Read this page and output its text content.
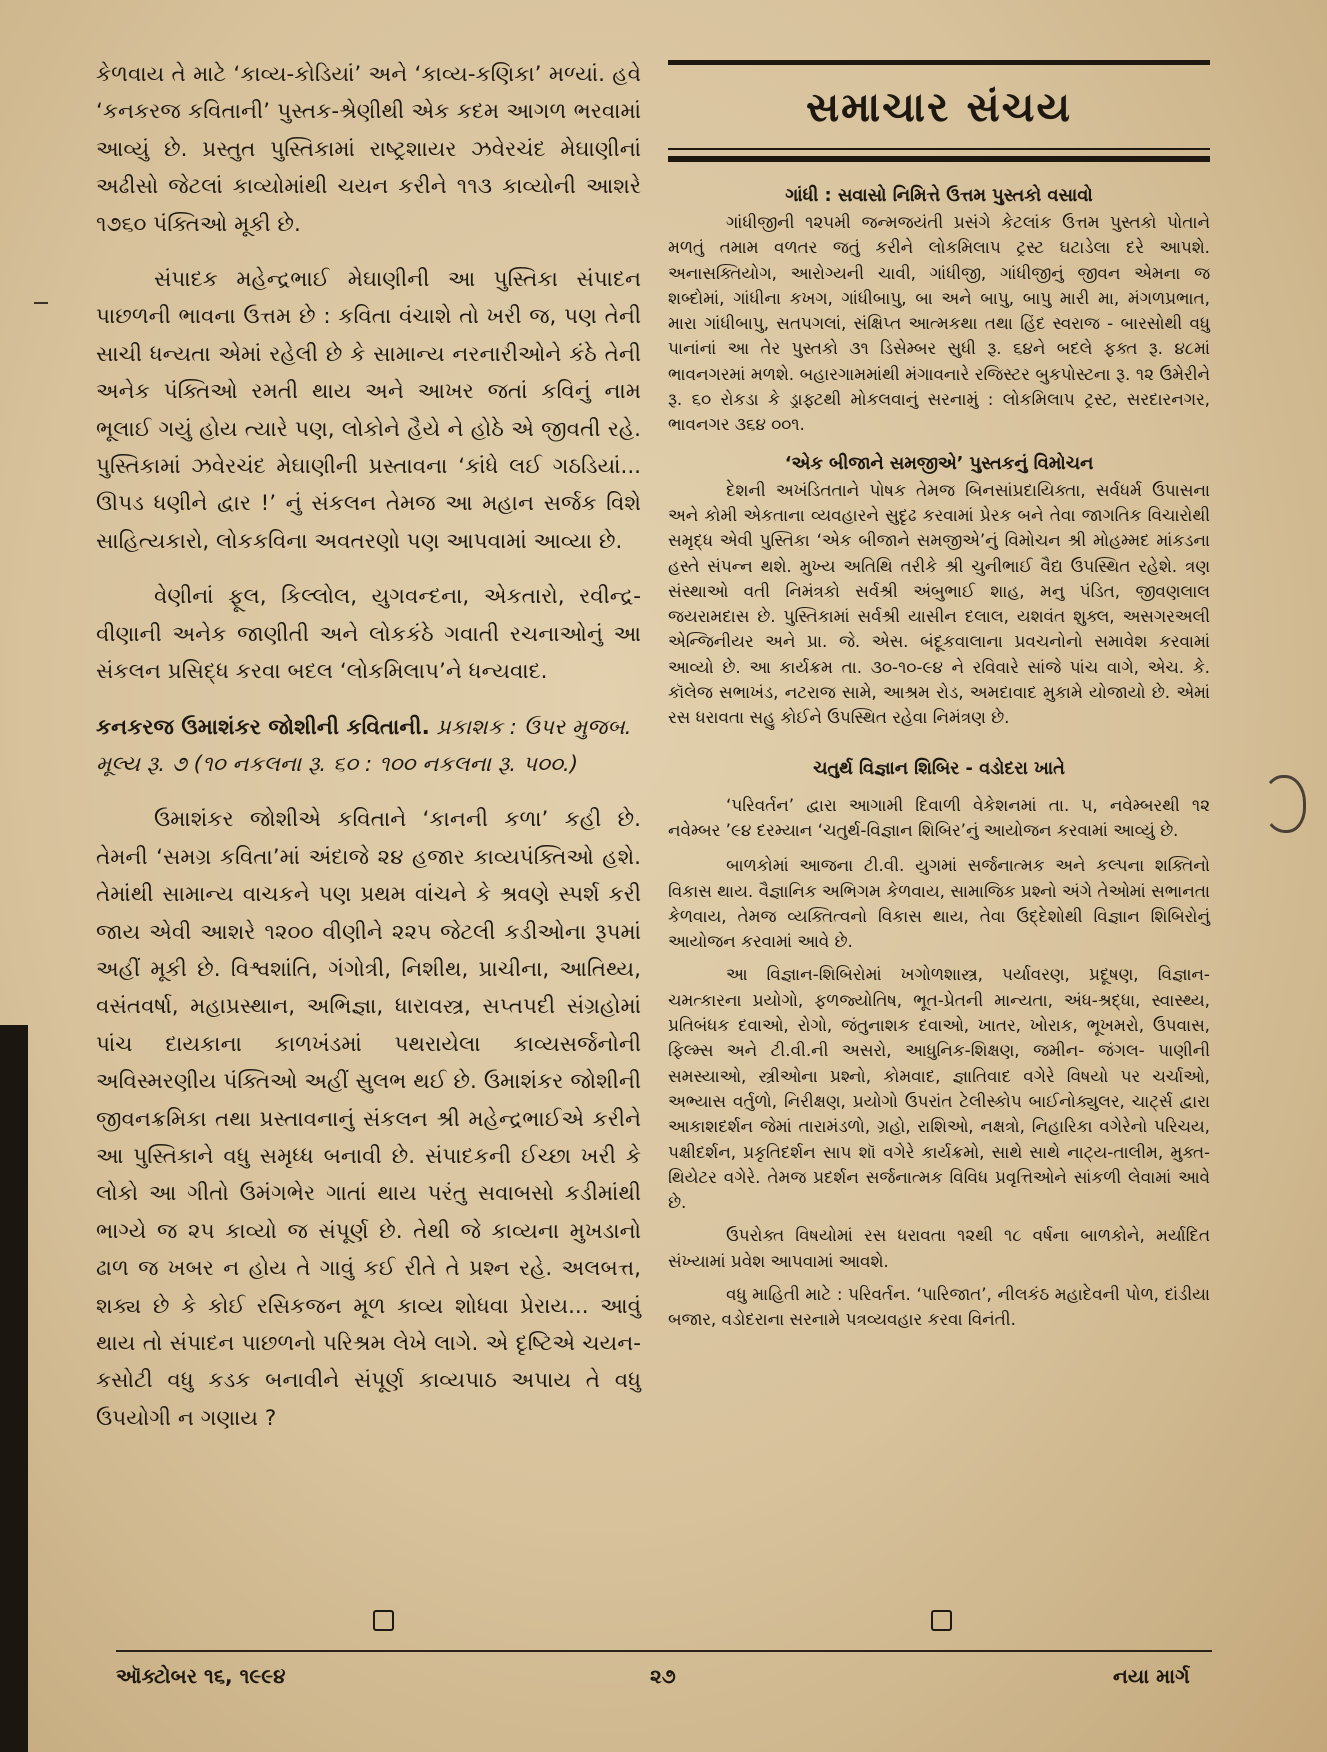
કેળવાય તે માટે ‘કાવ્ય-કોડિયાં’ અને ‘કાવ્ય-કણિકા’ મળ્યાં. હવે ‘કનકરજ કવિતાની’ પુસ્તક-શ્રેણીથી એક કદમ આગળ ભરવામાં આવ્યું છે. પ્રસ્તુત પુસ્તિકામાં રાષ્ટ્રશાયર ઝવેરચંદ મેઘાણીનાં અઢીસો જેટલાં કાવ્યોમાંથી ચયન કરીને ૧૧૩ કાવ્યોની આશરે ૧૭૬૦ પંક્તિઓ મૂકી છે.

સંપાદક મહેન્દ્રભાઈ મેઘાણીની આ પુસ્તિકા સંપાદન પાછળની ભાવના ઉત્તમ છે : કવિતા વંચાશે તો ખરી જ, પણ તેની સાચી ધન્યતા એમાં રહેલી છે કે સામાન્ય નરનારીઓને કંઠે તેની અનેક પંક્તિઓ રમતી થાય અને આખર જતાં કવિનું નામ ભૂલાઈ ગયું હોય ત્યારે પણ, લોકોને હૈયે ને હોઠે એ જીવતી રહે. પુસ્તિકામાં ઝવેરચંદ મેઘાણીની પ્રસ્તાવના ‘કાંધે લઈ ગઠડિયાં... ઊપડ ધણીને દ્વાર !’ નું સંકલન તેમજ આ મહાન સર્જક વિશે સાહિત્યકારો, લોકકવિના અવતરણો પણ આપવામાં આવ્યા છે.

વેણીનાં ફૂલ, કિલ્લોલ, યુગવન્દના, એકતારો, રવીન્દ્ર-વીણાની અનેક જાણીતી અને લોકકંઠે ગવાતી રચનાઓનું આ સંકલન પ્રસિદ્ધ કરવા બદલ ‘લોકમિલાપ’ને ધન્યવાદ.

કનકરજ ઉમાશંકર જોશીની કવિતાની. પ્રકાશક : ઉપર મુજબ. મૂલ્ય રૂ. ૭ (૧૦ નકલના રૂ. ૬૦ : ૧૦૦ નકલના રૂ. ૫૦૦.)

ઉમાશંકર જોશીએ કવિતાને ‘કાનની કળા’ કહી છે. તેમની ‘સમગ્ર કવિતા’માં અંદાજે ૨૪ હજાર કાવ્યપંક્તિઓ હશે. તેમાંથી સામાન્ય વાચકને પણ પ્રથમ વાંચને કે શ્રવણે સ્પર્શ કરી જાય એવી આશરે ૧૨૦૦ વીણીને ૨૨૫ જેટલી કડીઓના રૂપમાં અહીં મૂકી છે. વિશ્વશાંતિ, ગંગોત્રી, નિશીથ, પ્રાચીના, આતિથ્ય, વસંતવર્ષા, મહાપ્રસ્થાન, અભિજ્ઞા, ધારાવસ્ત્ર, સપ્તપદી સંગ્રહોમાં પાંચ દાયકાના કાળખંડમાં પથરાયેલા કાવ્યસર્જનોની અવિસ્મરણીય પંક્તિઓ અહીં સુલભ થઈ છે. ઉમાશંકર જોશીની જીવનક્રમિકા તથા પ્રસ્તાવનાનું સંકલન શ્રી મહેન્દ્રભાઈએ કરીને આ પુસ્તિકાને વધુ સમૃધ્ધ બનાવી છે. સંપાદકની ઈચ્છા ખરી કે લોકો આ ગીતો ઉમંગભેર ગાતાં થાય પરંતુ સવાબસો કડીમાંથી ભાગ્યે જ ૨૫ કાવ્યો જ સંપૂર્ણ છે. તેથી જે કાવ્યના મુખડાનો ઢાળ જ ખબર ન હોય તે ગાવું કઈ રીતે તે પ્રશ્ન રહે. અલબત્ત, શક્ય છે કે કોઈ રસિકજન મૂળ કાવ્ય શોધવા પ્રેરાય... આવું થાય તો સંપાદન પાછળનો પરિશ્રમ લેખે લાગે. એ દૃષ્ટિએ ચયન-કસોટી વધુ કડક બનાવીને સંપૂર્ણ કાવ્યપાઠ અપાય તે વધુ ઉપયોગી ન ગણાય ?

સમાચાર સંચય
ગાંધી : સવાસો નિમિત્તે ઉત્તમ પુસ્તકો વસાવો

ગાંધીજીની ૧૨૫મી જન્મજયંતી પ્રસંગે કેટલાંક ઉત્તમ પુસ્તકો પોતાને મળતું તમામ વળતર જતું કરીને લોકમિલાપ ટ્રસ્ટ ઘટાડેલા દરે આપશે. અનાસક્તિયોગ, આરોગ્યની ચાવી, ગાંધીજી, ગાંધીજીનું જીવન એમના જ શબ્દોમાં, ગાંધીના કખગ, ગાંધીબાપુ, બા અને બાપુ, બાપુ મારી મા, મંગળપ્રભાત, મારા ગાંધીબાપુ, સતપગલાં, સંક્ષિપ્ત આત્મકથા તથા હિંદ સ્વરાજ - બારસોથી વધુ પાનાંનાં આ તેર પુસ્તકો ૩૧ ડિસેમ્બર સુધી રૂ. ૬૪ને બદલે ફક્ત રૂ. ૪૮માં ભાવનગરમાં મળશે. બહારગામમાંથી મંગાવનારે રજિસ્ટર બુકપોસ્ટના રૂ. ૧૨ ઉમેરીને રૂ. ૬૦ રોકડા કે ડ્રાફ્ટથી મોકલવાનું સરનામું : લોકમિલાપ ટ્રસ્ટ, સરદારનગર, ભાવનગર ૩૬૪ ૦૦૧.

‘એક બીજાને સમજીએ’ પુસ્તકનું વિમોચન

દેશની અખંડિતતાને પોષક તેમજ બિનસાંપ્રદાયિક્તા, સર્વધર્મ ઉપાસના અને કોમી એકતાના વ્યવહારને સુદૃઢ કરવામાં પ્રેરક બને તેવા જાગતિક વિચારોથી સમૃદ્ધ એવી પુસ્તિકા ‘એક બીજાને સમજીએ’નું વિમોચન શ્રી મોહમ્મદ માંકડના હસ્તે સંપન્ન થશે. મુખ્ય અતિથિ તરીકે શ્રી ચુનીભાઈ વૈદ્ય ઉપસ્થિત રહેશે. ત્રણ સંસ્થાઓ વતી નિમંત્રકો સર્વશ્રી અંબુભાઈ શાહ, મનુ પંડિત, જીવણલાલ જયરામદાસ છે. પુસ્તિકામાં સર્વશ્રી યાસીન દલાલ, યશવંત શુક્લ, અસગરઅલી એન્જિનીયર અને પ્રા. જે. એસ. બંદૂકવાલાના પ્રવચનોનો સમાવેશ કરવામાં આવ્યો છે. આ કાર્યક્રમ તા. ૩૦-૧૦-૯૪ ને રવિવારે સાંજે પાંચ વાગે, એચ. કે. કૉલેજ સભાખંડ, નટરાજ સામે, આશ્રમ રોડ, અમદાવાદ મુકામે યોજાયો છે. એમાં રસ ધરાવતા સહુ કોઈને ઉપસ્થિત રહેવા નિમંત્રણ છે.

ચતુર્થ વિજ્ઞાન શિબિર - વડોદરા ખાતે

‘પરિવર્તન’ દ્વારા આગામી દિવાળી વેકેશનમાં તા. ૫, નવેમ્બરથી ૧૨ નવેમ્બર ’૯૪ દરમ્યાન ‘ચતુર્થ-વિજ્ઞાન શિબિર’નું આયોજન કરવામાં આવ્યું છે.

બાળકોમાં આજના ટી.વી. યુગમાં સર્જનાત્મક અને કલ્પના શક્તિનો વિકાસ થાય. વૈજ્ઞાનિક અભિગમ કેળવાય, સામાજિક પ્રશ્નો અંગે તેઓમાં સભાનતા કેળવાય, તેમજ વ્યક્તિત્વનો વિકાસ થાય, તેવા ઉદ્દેશોથી વિજ્ઞાન શિબિરોનું આયોજન કરવામાં આવે છે.

આ વિજ્ઞાન-શિબિરોમાં ખગોળશાસ્ત્ર, પર્યાવરણ, પ્રદૂષણ, વિજ્ઞાન-ચમત્કારના પ્રયોગો, ફળજ્યોતિષ, ભૂત-પ્રેતની માન્યતા, અંધ-શ્રદ્ધા, સ્વાસ્થ્ય, પ્રતિબંધક દવાઓ, રોગો, જંતુનાશક દવાઓ, ખાતર, ખોરાક, ભૂખમરો, ઉપવાસ, ફિલ્મ્સ અને ટી.વી.ની અસરો, આધુનિક-શિક્ષણ, જમીન- જંગલ- પાણીની સમસ્યાઓ, સ્ત્રીઓના પ્રશ્નો, કોમવાદ, જ્ઞાતિવાદ વગેરે વિષયો પર ચર્ચાઓ, અભ્યાસ વર્તુળો, નિરીક્ષણ, પ્રયોગો ઉપરાંત ટેલીસ્કોપ બાઈનોક્યુલર, ચાર્ટ્સ દ્વારા આકાશદર્શન જેમાં તારામંડળો, ગ્રહો, રાશિઓ, નક્ષત્રો, નિહારિકા વગેરેનો પરિચય, પક્ષીદર્શન, પ્રકૃતિદર્શન સાપ શૉ વગેરે કાર્યક્રમો, સાથે સાથે નાટ્ય-તાલીમ, મુક્ત-થિયેટર વગેરે. તેમજ પ્રદર્શન સર્જનાત્મક વિવિધ પ્રવૃત્તિઓને સાંકળી લેવામાં આવે છે.

ઉપરોક્ત વિષયોમાં રસ ધરાવતા ૧૨થી ૧૮ વર્ષના બાળકોને, મર્યાદિત સંખ્યામાં પ્રવેશ આપવામાં આવશે.

વધુ માહિતી માટે : પરિવર્તન. ‘પારિજાત’, નીલકંઠ મહાદેવની પોળ, દાંડીયા બજાર, વડોદરાના સરનામે પત્રવ્યવહાર કરવા વિનંતી.

ઑક્ટોબર ૧૬, ૧૯૯૪	૨૭	નયા માર્ગ
